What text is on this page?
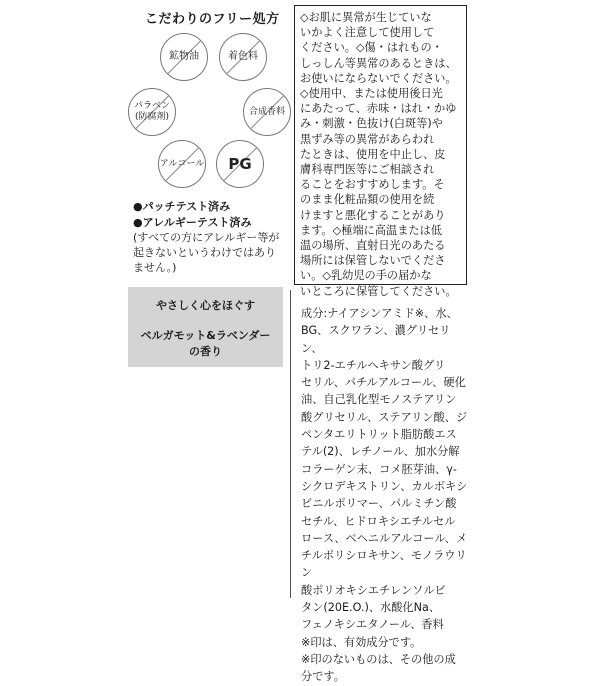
こだわりのフリー処方
鉱物油	着色料
パラベン
(防腐剤)
合成香料
アルコール PG
●パッチテスト済み
●アレルギーテスト済み
(すべての方にアレルギー等が起きないというわけではありません。)
やさしく心をほぐす
ベルガモット&ラベンダー
の香り
◇お肌に異常が生じていな
いかよく注意して使用して
ください。◇傷・はれもの・
しっしん等異常のあるときは、
お使いにならないでください。
◇使用中、または使用後日光
にあたって、赤味・はれ・かゆ
み・刺激・色抜け(白斑等)や
黒ずみ等の異常があらわれ
たときは、使用を中止し、皮
膚科専門医等にご相談され
ることをおすすめします。そ
のまま化粧品類の使用を続
けますと悪化することがあり
ます。◇極端に高温または低
温の場所、直射日光のあたる
場所には保管しないでくださ
い。◇乳幼児の手の届かな
いところに保管してください。
成分:ナイアシンアミド※、水、
BG、スクワラン、濃グリセリン、
トリ2-エチルヘキサン酸グリ
セリル、パチルアルコール、硬化
油、自己乳化型モノステアリン
酸グリセリル、ステアリン酸、ジ
ペンタエリトリット脂肪酸エス
テル(2)、レチノール、加水分解
コラーゲン末、コメ胚芽油、γ-
シクロデキストリン、カルボキシ
ビニルポリマー、パルミチン酸
セチル、ヒドロキシエチルセル
ロース、ベヘニルアルコール、メ
チルポリシロキサン、モノラウリン
酸ポリオキシエチレンソルビ
タン(20E.O.)、水酸化Na、
フェノキシエタノール、香料
※印は、有効成分です。
※印のないものは、その他の成
分です。
